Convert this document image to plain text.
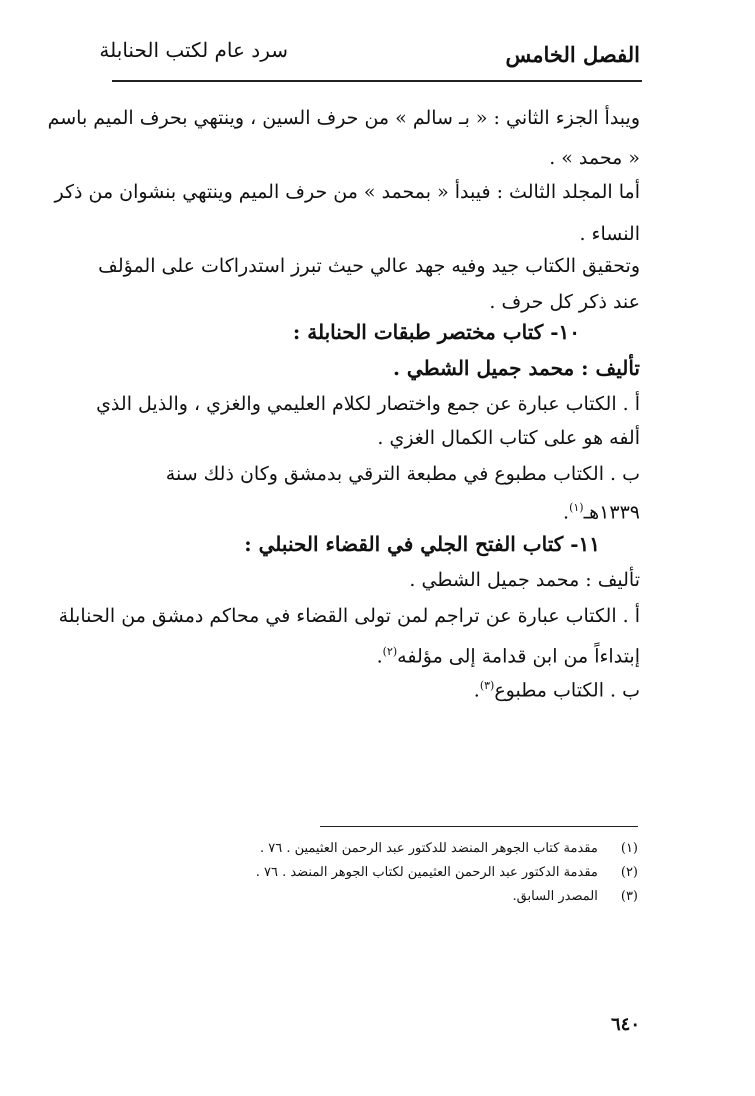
الفصل الخامس
سرد عام لكتب الحنابلة
ويبدأ الجزء الثاني : « بـ سالم » من حرف السين ، وينتهي بحرف الميم باسم
« محمد » .
أما المجلد الثالث : فيبدأ « بمحمد » من حرف الميم وينتهي بنشوان من ذكر
النساء .
وتحقيق الكتاب جيد وفيه جهد عالي حيث تبرز استدراكات على المؤلف
عند ذكر كل حرف .
١٠- كتاب مختصر طبقات الحنابلة :
تأليف : محمد جميل الشطي .
أ . الكتاب عبارة عن جمع واختصار لكلام العليمي والغزي ، والذيل الذي
ألفه هو على كتاب الكمال الغزي .
ب . الكتاب مطبوع في مطبعة الترقي بدمشق وكان ذلك سنة
١٣٣٩هـ$^{(١)}$.
١١- كتاب الفتح الجلي في القضاء الحنبلي :
تأليف : محمد جميل الشطي .
أ . الكتاب عبارة عن تراجم لمن تولى القضاء في محاكم دمشق من الحنابلة
إبتداءاً من ابن قدامة إلى مؤلفه$^{(٢)}$.
ب . الكتاب مطبوع$^{(٣)}$.
(١) مقدمة كتاب الجوهر المنضد للدكتور عبد الرحمن العثيمين . ٧٦ .
(٢) مقدمة الدكتور عبد الرحمن العثيمين لكتاب الجوهر المنضد . ٧٦ .
(٣) المصدر السابق.
٦٤٠
